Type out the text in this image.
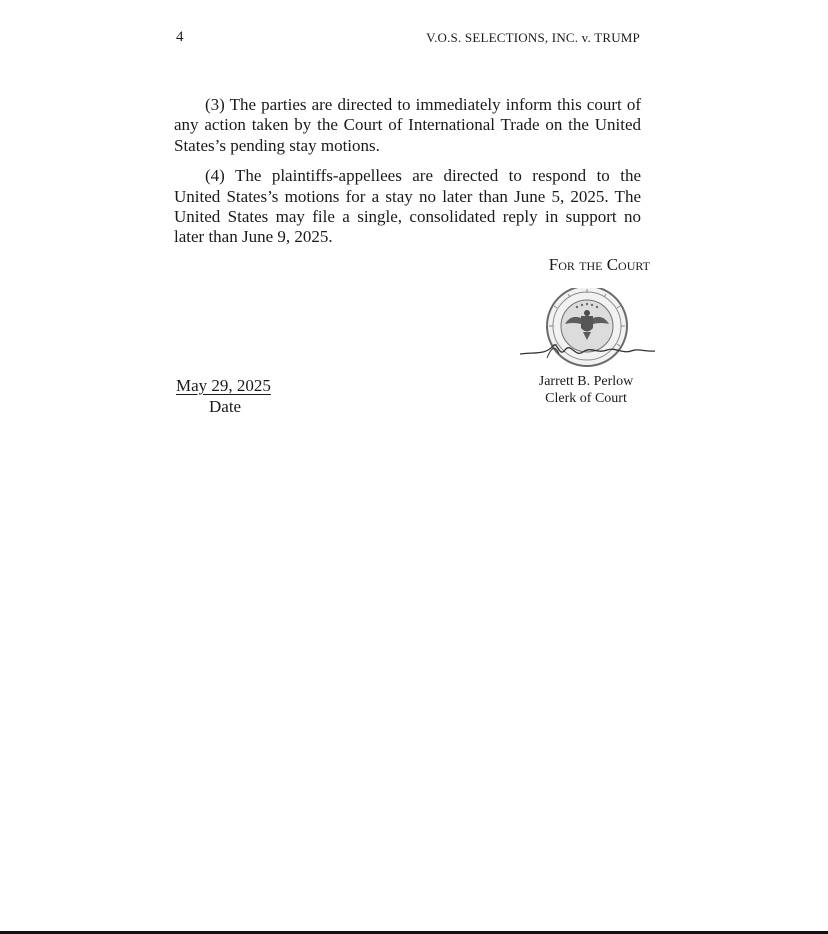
4	V.O.S. SELECTIONS, INC. v. TRUMP

(3) The parties are directed to immediately inform this court of any action taken by the Court of International Trade on the United States’s pending stay motions.

(4) The plaintiffs-appellees are directed to respond to the United States’s motions for a stay no later than June 5, 2025. The United States may file a single, consolidated reply in support no later than June 9, 2025.

For the Court
Jarrett B. Perlow
Clerk of Court
May 29, 2025
Date
